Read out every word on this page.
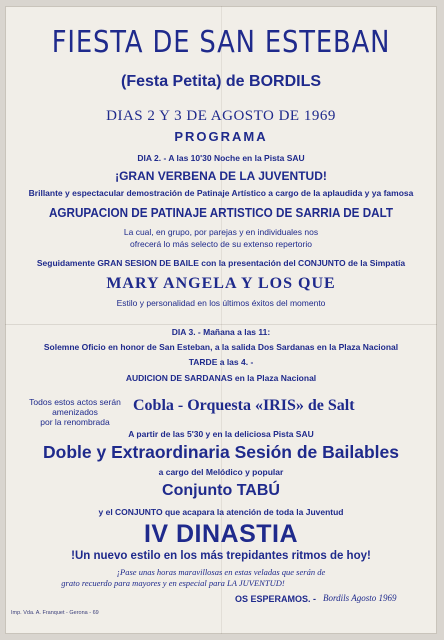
FIESTA DE SAN ESTEBAN
(Festa Petita) de BORDILS
DIAS 2 Y 3 DE AGOSTO DE 1969
PROGRAMA
DIA 2. - A las 10'30 Noche en la Pista SAU
¡GRAN VERBENA DE LA JUVENTUD!
Brillante y espectacular demostración de Patinaje Artístico a cargo de la aplaudida y ya famosa
AGRUPACION DE PATINAJE ARTISTICO DE SARRIA DE DALT
La cual, en grupo, por parejas y en individuales nos
ofrecerá lo más selecto de su extenso repertorio
Seguidamente GRAN SESION DE BAILE con la presentación del CONJUNTO de la Simpatía
MARY ANGELA Y LOS QUE
Estilo y personalidad en los últimos éxitos del momento
DIA 3. - Mañana a las 11:
Solemne Oficio en honor de San Esteban, a la salida Dos Sardanas en la Plaza Nacional
TARDE a las 4. -
AUDICION DE SARDANAS en la Plaza Nacional
Todos estos actos serán amenizados
por la renombrada
Cobla - Orquesta «IRIS» de Salt
A partir de las 5'30 y en la deliciosa Pista SAU
Doble y Extraordinaria Sesión de Bailables
a cargo del Melódico y popular
Conjunto TABÚ
y el CONJUNTO que acapara la atención de toda la Juventud
IV DINASTIA
!Un nuevo estilo en los más trepidantes ritmos de hoy!
¡Pase unas horas maravillosas en estas veladas que serán de
grato recuerdo para mayores y en especial para LA JUVENTUD!
OS ESPERAMOS. - Bordils Agosto 1969
Imp. Vda. A. Franquet - Gerona - 69
